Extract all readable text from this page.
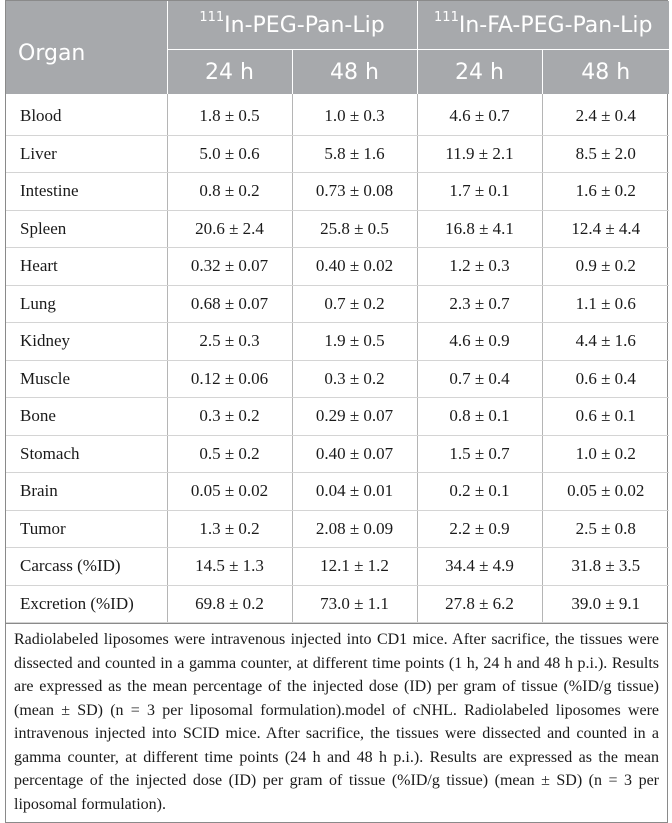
Organ	$^{111}$In-PEG-Pan-Lip		$^{111}$In-FA-PEG-Pan-Lip	
	24 h	48 h	24 h	48 h
Blood	1.8 ± 0.5	1.0 ± 0.3	4.6 ± 0.7	2.4 ± 0.4
Liver	5.0 ± 0.6	5.8 ± 1.6	11.9 ± 2.1	8.5 ± 2.0
Intestine	0.8 ± 0.2	0.73 ± 0.08	1.7 ± 0.1	1.6 ± 0.2
Spleen	20.6 ± 2.4	25.8 ± 0.5	16.8 ± 4.1	12.4 ± 4.4
Heart	0.32 ± 0.07	0.40 ± 0.02	1.2 ± 0.3	0.9 ± 0.2
Lung	0.68 ± 0.07	0.7 ± 0.2	2.3 ± 0.7	1.1 ± 0.6
Kidney	2.5 ± 0.3	1.9 ± 0.5	4.6 ± 0.9	4.4 ± 1.6
Muscle	0.12 ± 0.06	0.3 ± 0.2	0.7 ± 0.4	0.6 ± 0.4
Bone	0.3 ± 0.2	0.29 ± 0.07	0.8 ± 0.1	0.6 ± 0.1
Stomach	0.5 ± 0.2	0.40 ± 0.07	1.5 ± 0.7	1.0 ± 0.2
Brain	0.05 ± 0.02	0.04 ± 0.01	0.2 ± 0.1	0.05 ± 0.02
Tumor	1.3 ± 0.2	2.08 ± 0.09	2.2 ± 0.9	2.5 ± 0.8
Carcass (%ID)	14.5 ± 1.3	12.1 ± 1.2	34.4 ± 4.9	31.8 ± 3.5
Excretion (%ID)	69.8 ± 0.2	73.0 ± 1.1	27.8 ± 6.2	39.0 ± 9.1
Radiolabeled liposomes were intravenous injected into CD1 mice. After sacrifice, the tissues were dissected and counted in a gamma counter, at different time points (1 h, 24 h and 48 h p.i.). Results are expressed as the mean percentage of the injected dose (ID) per gram of tissue (%ID/g tissue) (mean ± SD) (n = 3 per liposomal formulation).model of cNHL. Radiolabeled liposomes were intravenous injected into SCID mice. After sacrifice, the tissues were dissected and counted in a gamma counter, at different time points (24 h and 48 h p.i.). Results are expressed as the mean percentage of the injected dose (ID) per gram of tissue (%ID/g tissue) (mean ± SD) (n = 3 per liposomal formulation).
